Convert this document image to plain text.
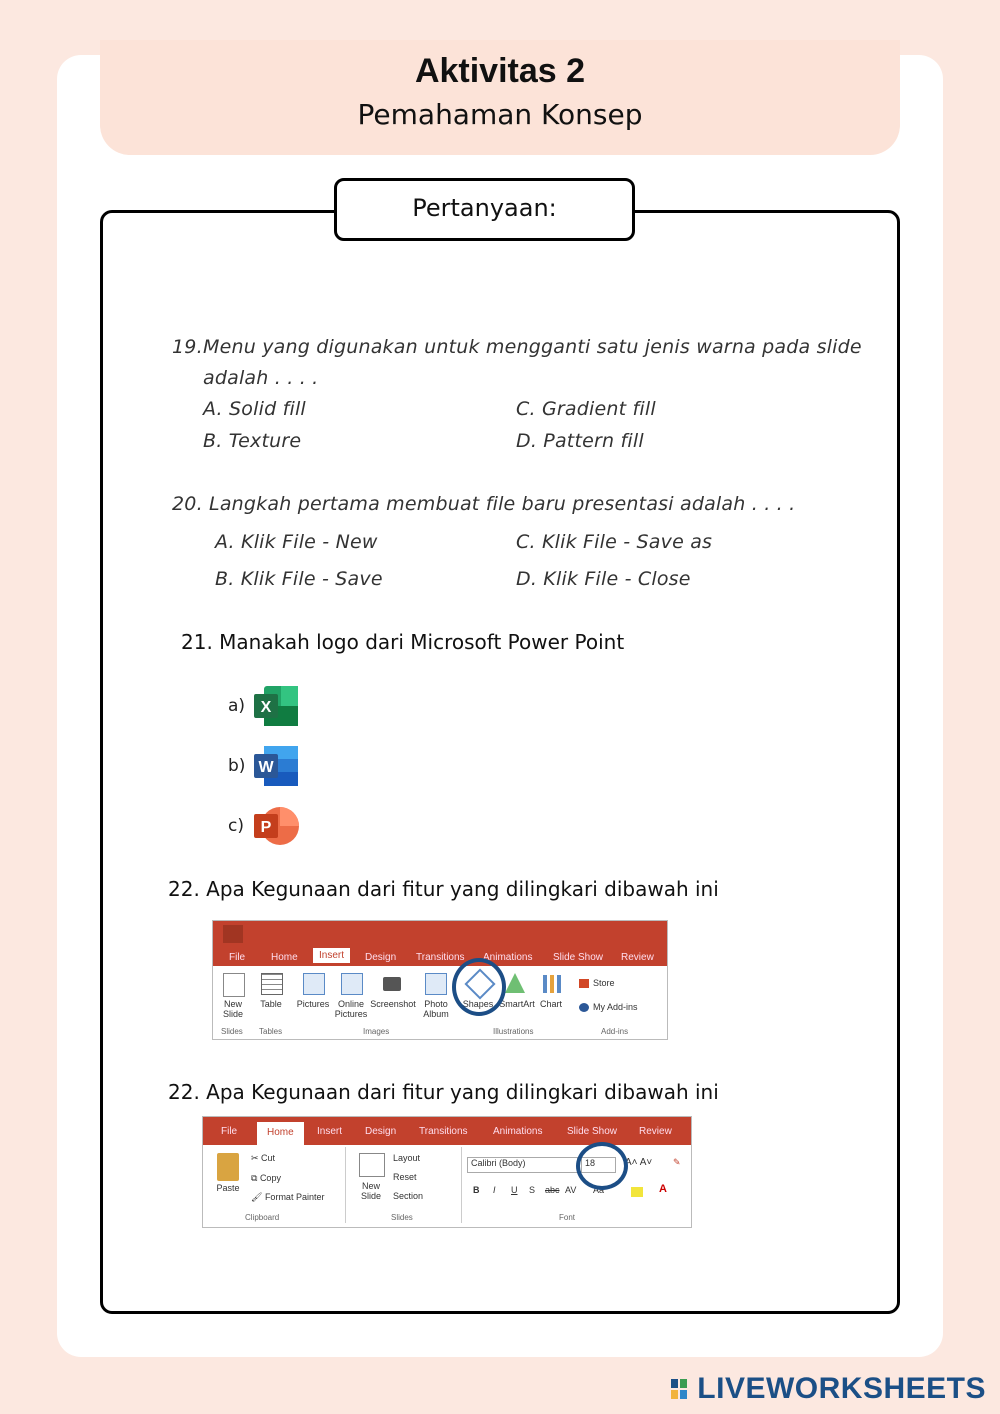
Aktivitas 2
Pemahaman Konsep
Pertanyaan:
19. Menu yang digunakan untuk mengganti satu jenis warna pada slide
adalah . . . .
A. Solid fill	C. Gradient fill
B. Texture	D. Pattern fill
20. Langkah pertama membuat file baru presentasi adalah . . . .
A. Klik File - New	C. Klik File - Save as
B. Klik File - Save	D. Klik File - Close
21. Manakah logo dari Microsoft Power Point
a) X
b) W
c)	P
22. Apa Kegunaan dari fitur yang dilingkari dibawah ini
File	Home	Insert	Design Transitions Animations Slide Show Review
New Slide
Table	Pictures Online Pictures
Screenshot Photo Album
Shapes SmartArt Chart
Store
My Add-ins
Slides Tables	Images	Illustrations	Add-ins
22. Apa Kegunaan dari fitur yang dilingkari dibawah ini
File	Home	Insert Design Transitions	Animations Slide Show Review
Paste
✂ Cut
⧉ Copy
🖌 Format Painter
Clipboard
New Slide
Layout
Reset
Section
Slides
Calibri (Body)	18	A˄ A˅ ✎
B I U S abc AV Aa	A
Font
LIVEWORKSHEETS
